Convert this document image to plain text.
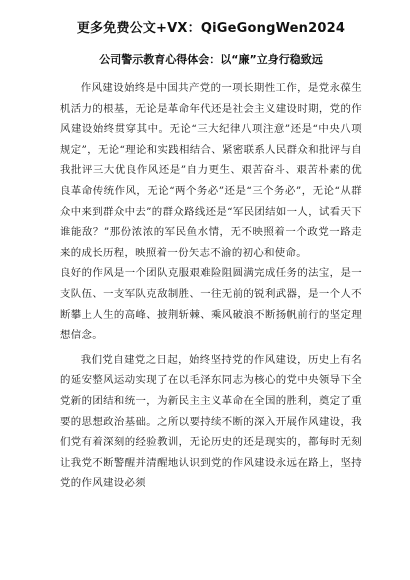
更多免费公文+VX：QiGeGongWen2024
公司警示教育心得体会：以“廉”立身行稳致远

作风建设始终是中国共产党的一项长期性工作，是党永葆生机活力的根基，无论是革命年代还是社会主义建设时期，党的作风建设始终贯穿其中。无论“三大纪律八项注意”还是“中央八项规定”，无论“理论和实践相结合、紧密联系人民群众和批评与自我批评三大优良作风还是”自力更生、艰苦奋斗、艰苦朴素的优良革命传统作风，无论“两个务必”还是“三个务必”，无论“从群众中来到群众中去”的群众路线还是“军民团结如一人，试看天下谁能敌？”那份浓浓的军民鱼水情，无不映照着一个政党一路走来的成长历程，映照着一份矢志不渝的初心和使命。

良好的作风是一个团队克服艰难险阻圆满完成任务的法宝，是一支队伍、一支军队克敌制胜、一往无前的锐利武器，是一个人不断攀上人生的高峰、披荆斩棘、乘风破浪不断扬帆前行的坚定理想信念。

我们党自建党之日起，始终坚持党的作风建设，历史上有名的延安整风运动实现了在以毛泽东同志为核心的党中央领导下全党新的团结和统一，为新民主主义革命在全国的胜利，奠定了重要的思想政治基础。之所以要持续不断的深入开展作风建设，我们党有着深刻的经验教训，无论历史的还是现实的，都每时无刻让我党不断警醒并清醒地认识到党的作风建设永远在路上，坚持党的作风建设必须
